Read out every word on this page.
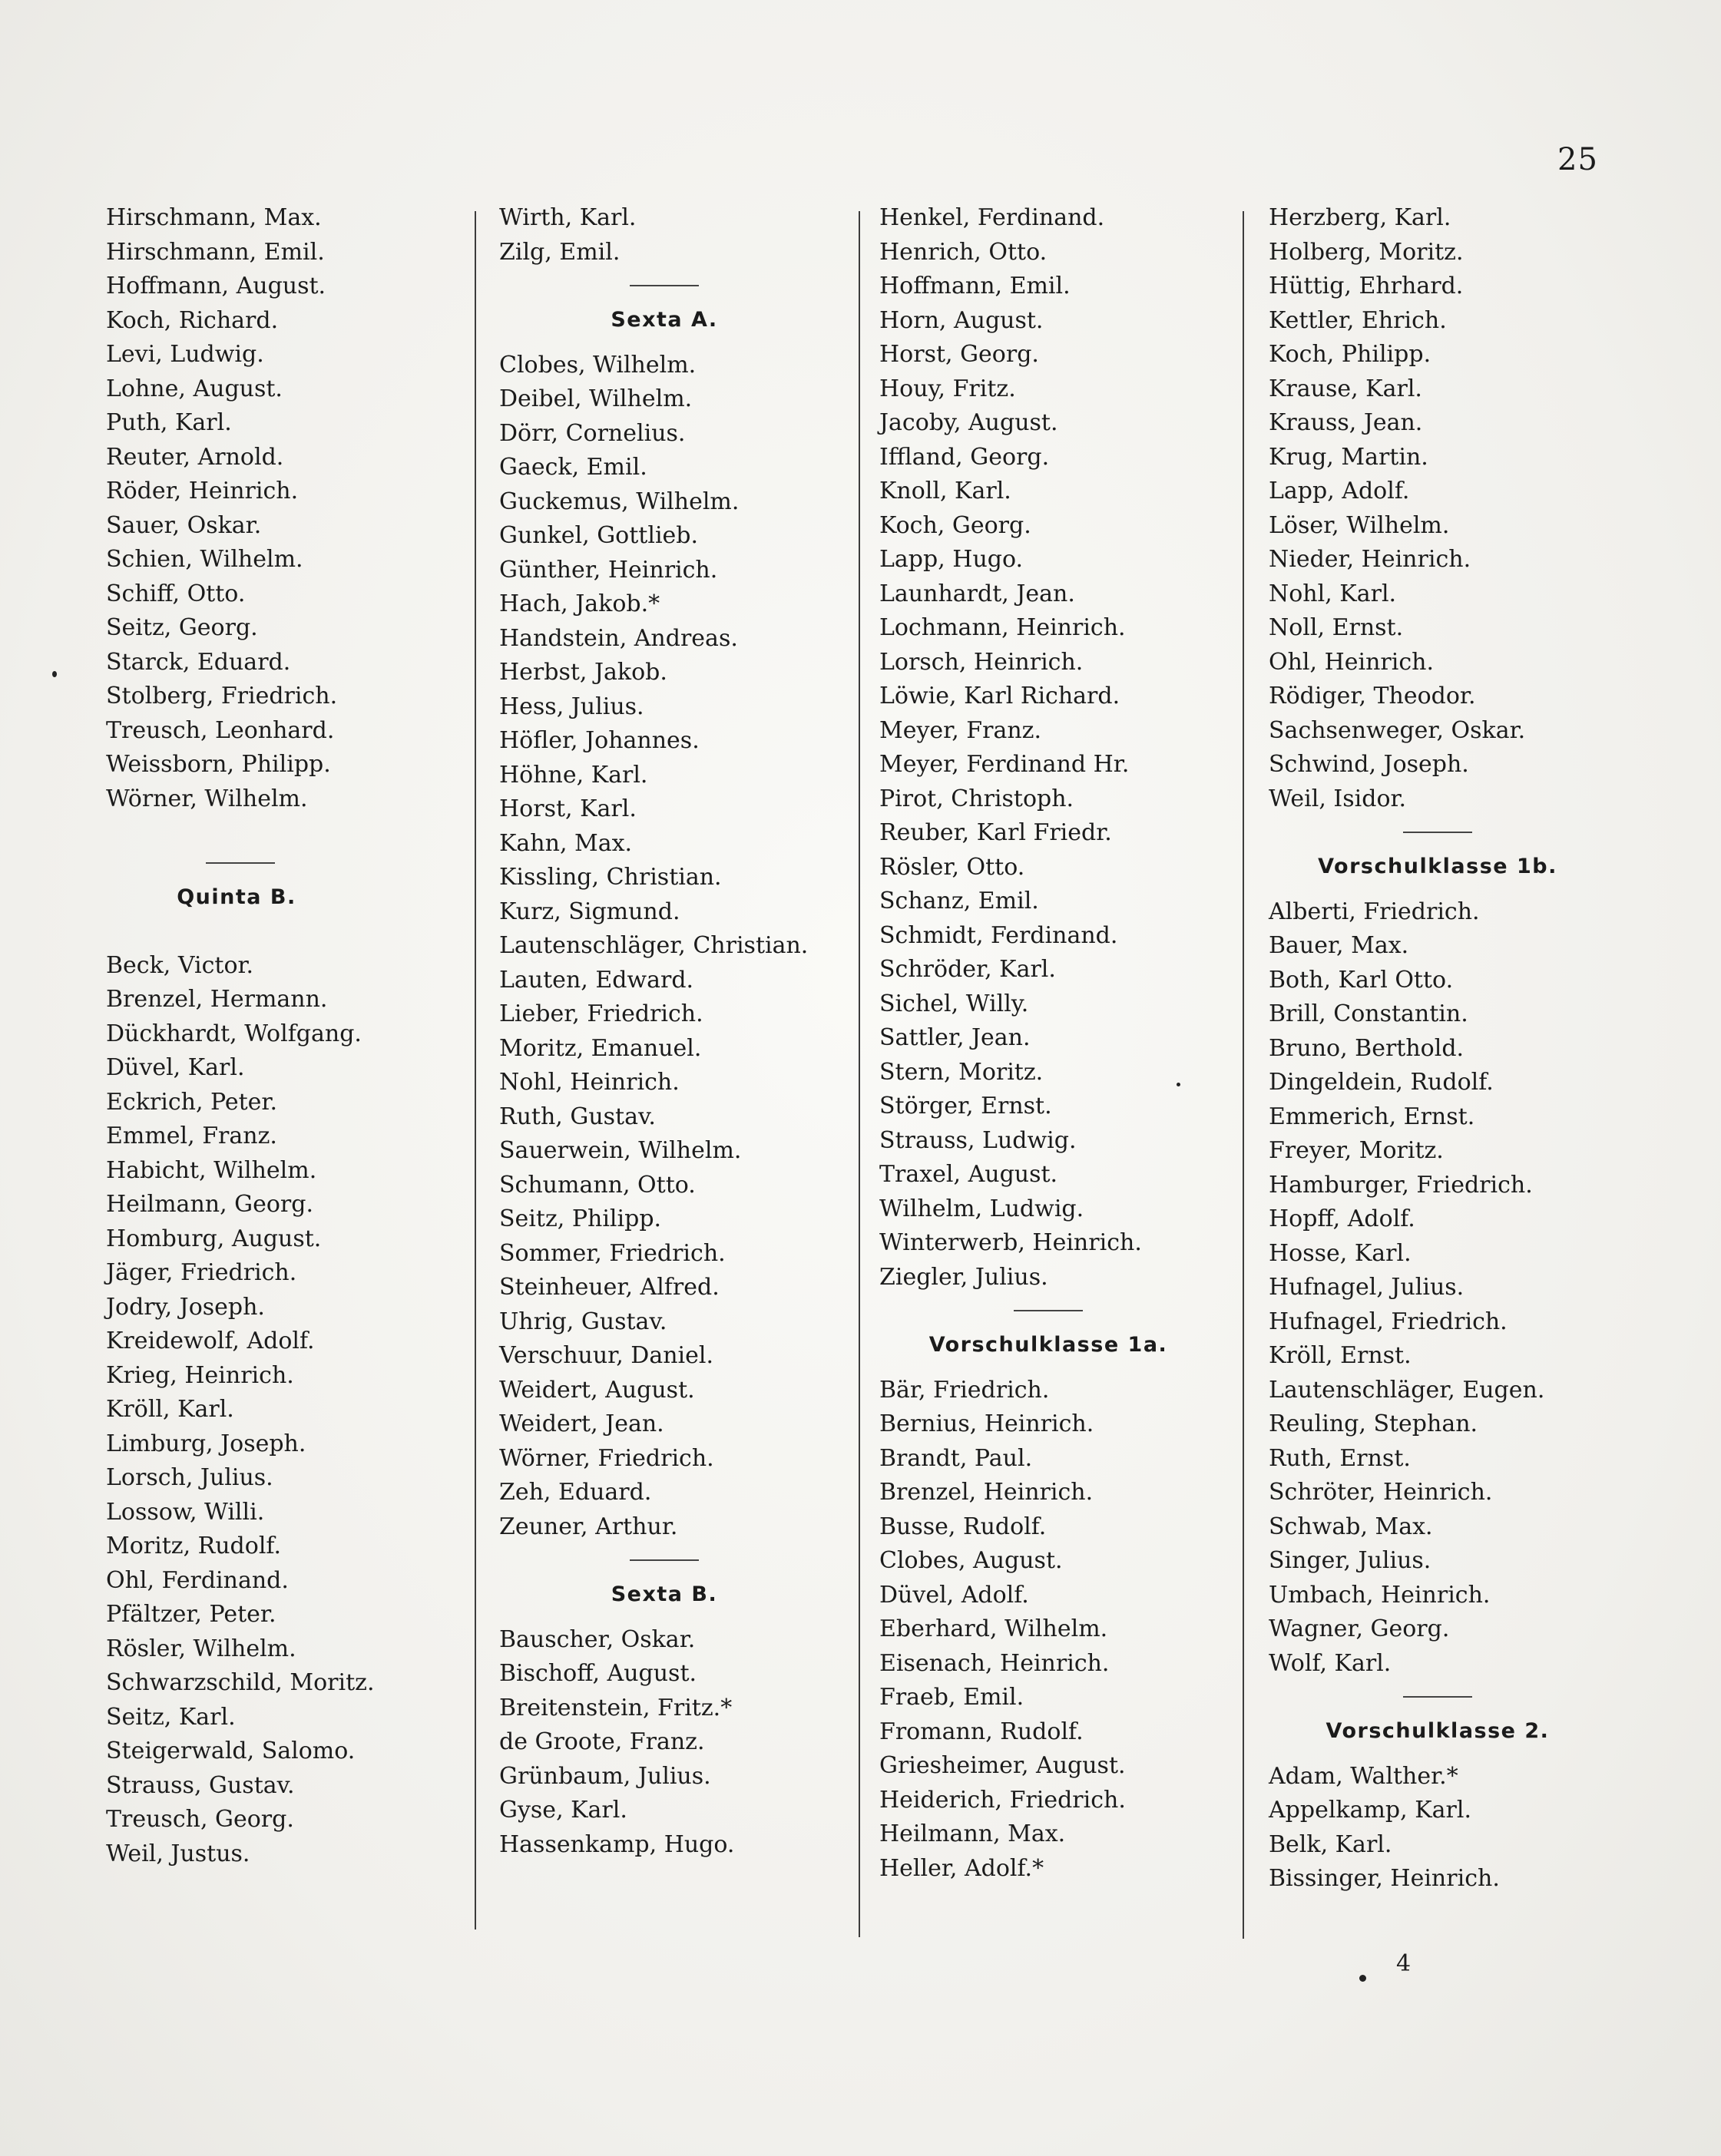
25
Hirschmann, Max.
Hirschmann, Emil.
Hoffmann, August.
Koch, Richard.
Levi, Ludwig.
Lohne, August.
Puth, Karl.
Reuter, Arnold.
Röder, Heinrich.
Sauer, Oskar.
Schien, Wilhelm.
Schiff, Otto.
Seitz, Georg.
Starck, Eduard.
Stolberg, Friedrich.
Treusch, Leonhard.
Weissborn, Philipp.
Wörner, Wilhelm.
Quinta B.
Beck, Victor.
Brenzel, Hermann.
Dückhardt, Wolfgang.
Düvel, Karl.
Eckrich, Peter.
Emmel, Franz.
Habicht, Wilhelm.
Heilmann, Georg.
Homburg, August.
Jäger, Friedrich.
Jodry, Joseph.
Kreidewolf, Adolf.
Krieg, Heinrich.
Kröll, Karl.
Limburg, Joseph.
Lorsch, Julius.
Lossow, Willi.
Moritz, Rudolf.
Ohl, Ferdinand.
Pfältzer, Peter.
Rösler, Wilhelm.
Schwarzschild, Moritz.
Seitz, Karl.
Steigerwald, Salomo.
Strauss, Gustav.
Treusch, Georg.
Weil, Justus.
Wirth, Karl.
Zilg, Emil.
Sexta A.
Clobes, Wilhelm.
Deibel, Wilhelm.
Dörr, Cornelius.
Gaeck, Emil.
Guckemus, Wilhelm.
Gunkel, Gottlieb.
Günther, Heinrich.
Hach, Jakob.*
Handstein, Andreas.
Herbst, Jakob.
Hess, Julius.
Höfler, Johannes.
Höhne, Karl.
Horst, Karl.
Kahn, Max.
Kissling, Christian.
Kurz, Sigmund.
Lautenschläger, Christian.
Lauten, Edward.
Lieber, Friedrich.
Moritz, Emanuel.
Nohl, Heinrich.
Ruth, Gustav.
Sauerwein, Wilhelm.
Schumann, Otto.
Seitz, Philipp.
Sommer, Friedrich.
Steinheuer, Alfred.
Uhrig, Gustav.
Verschuur, Daniel.
Weidert, August.
Weidert, Jean.
Wörner, Friedrich.
Zeh, Eduard.
Zeuner, Arthur.
Sexta B.
Bauscher, Oskar.
Bischoff, August.
Breitenstein, Fritz.*
de Groote, Franz.
Grünbaum, Julius.
Gyse, Karl.
Hassenkamp, Hugo.
Henkel, Ferdinand.
Henrich, Otto.
Hoffmann, Emil.
Horn, August.
Horst, Georg.
Houy, Fritz.
Jacoby, August.
Iffland, Georg.
Knoll, Karl.
Koch, Georg.
Lapp, Hugo.
Launhardt, Jean.
Lochmann, Heinrich.
Lorsch, Heinrich.
Löwie, Karl Richard.
Meyer, Franz.
Meyer, Ferdinand Hr.
Pirot, Christoph.
Reuber, Karl Friedr.
Rösler, Otto.
Schanz, Emil.
Schmidt, Ferdinand.
Schröder, Karl.
Sichel, Willy.
Sattler, Jean.
Stern, Moritz.
Störger, Ernst.
Strauss, Ludwig.
Traxel, August.
Wilhelm, Ludwig.
Winterwerb, Heinrich.
Ziegler, Julius.
Vorschulklasse 1a.
Bär, Friedrich.
Bernius, Heinrich.
Brandt, Paul.
Brenzel, Heinrich.
Busse, Rudolf.
Clobes, August.
Düvel, Adolf.
Eberhard, Wilhelm.
Eisenach, Heinrich.
Fraeb, Emil.
Fromann, Rudolf.
Griesheimer, August.
Heiderich, Friedrich.
Heilmann, Max.
Heller, Adolf.*
Herzberg, Karl.
Holberg, Moritz.
Hüttig, Ehrhard.
Kettler, Ehrich.
Koch, Philipp.
Krause, Karl.
Krauss, Jean.
Krug, Martin.
Lapp, Adolf.
Löser, Wilhelm.
Nieder, Heinrich.
Nohl, Karl.
Noll, Ernst.
Ohl, Heinrich.
Rödiger, Theodor.
Sachsenweger, Oskar.
Schwind, Joseph.
Weil, Isidor.
Vorschulklasse 1b.
Alberti, Friedrich.
Bauer, Max.
Both, Karl Otto.
Brill, Constantin.
Bruno, Berthold.
Dingeldein, Rudolf.
Emmerich, Ernst.
Freyer, Moritz.
Hamburger, Friedrich.
Hopff, Adolf.
Hosse, Karl.
Hufnagel, Julius.
Hufnagel, Friedrich.
Kröll, Ernst.
Lautenschläger, Eugen.
Reuling, Stephan.
Ruth, Ernst.
Schröter, Heinrich.
Schwab, Max.
Singer, Julius.
Umbach, Heinrich.
Wagner, Georg.
Wolf, Karl.
Vorschulklasse 2.
Adam, Walther.*
Appelkamp, Karl.
Belk, Karl.
Bissinger, Heinrich.
4
